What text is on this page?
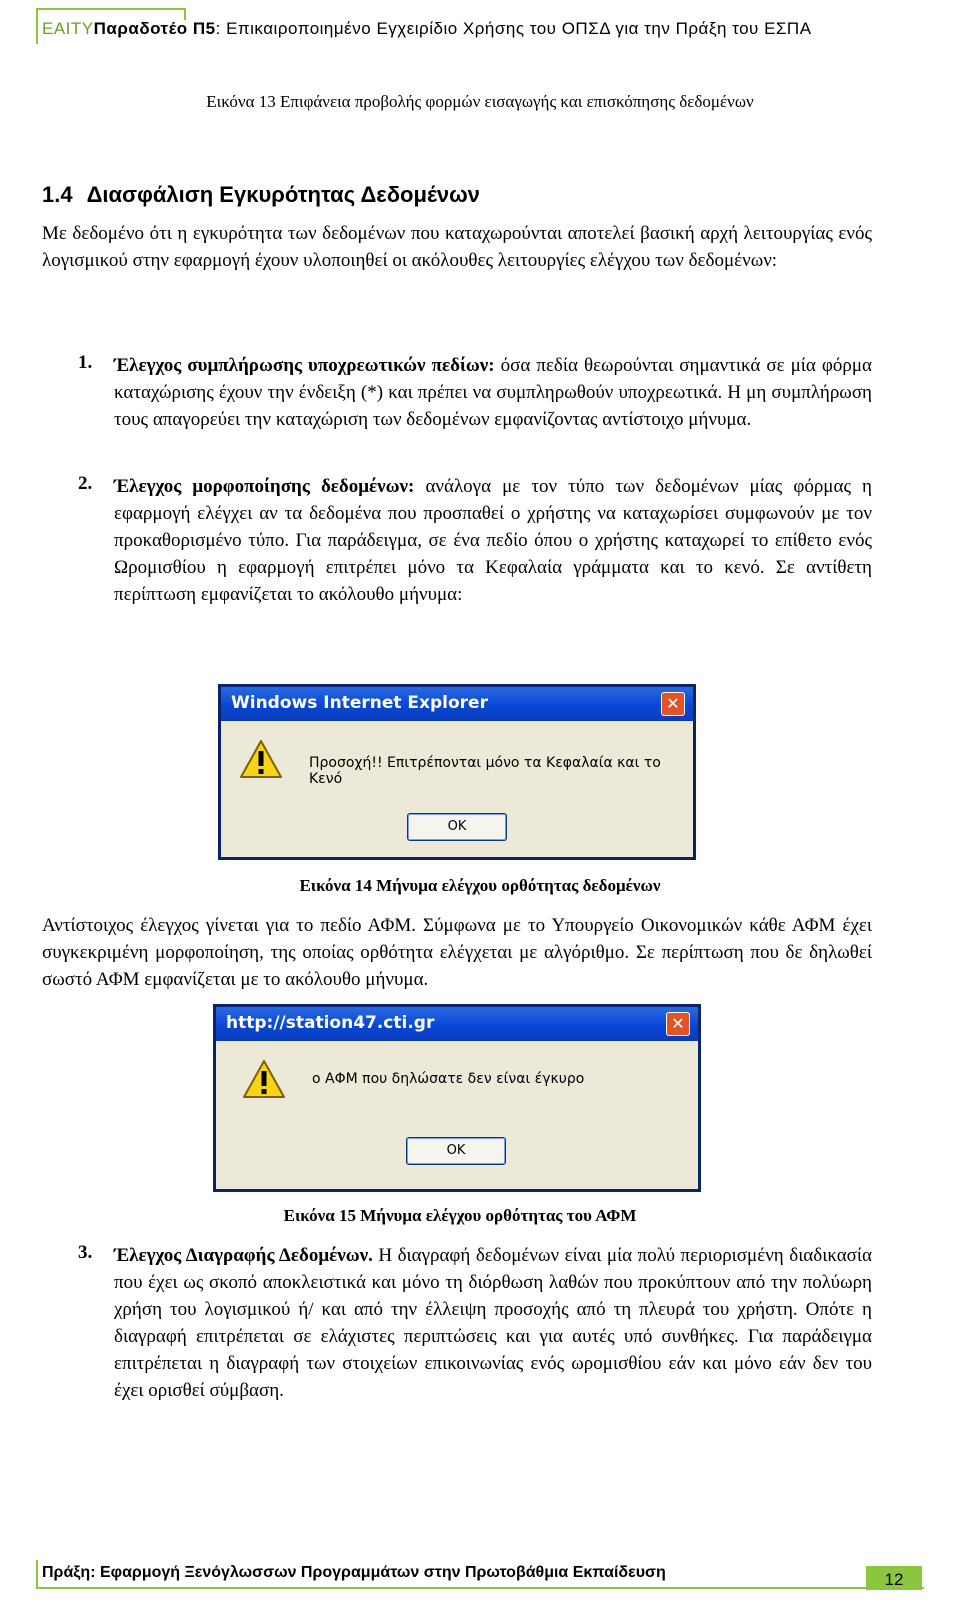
ΕΑΙΤΥΠαραδοτέο Π5: Επικαιροποιημένο Εγχειρίδιο Χρήσης του ΟΠΣΔ για την Πράξη του ΕΣΠΑ
Εικόνα 13 Επιφάνεια προβολής φορμών εισαγωγής και επισκόπησης δεδομένων
1.4 Διασφάλιση Εγκυρότητας Δεδομένων
Με δεδομένο ότι η εγκυρότητα των δεδομένων που καταχωρούνται αποτελεί βασική αρχή λειτουργίας ενός λογισμικού στην εφαρμογή έχουν υλοποιηθεί οι ακόλουθες λειτουργίες ελέγχου των δεδομένων:
1. Έλεγχος συμπλήρωσης υποχρεωτικών πεδίων: όσα πεδία θεωρούνται σημαντικά σε μία φόρμα καταχώρισης έχουν την ένδειξη (*) και πρέπει να συμπληρωθούν υποχρεωτικά. Η μη συμπλήρωση τους απαγορεύει την καταχώριση των δεδομένων εμφανίζοντας αντίστοιχο μήνυμα.
2. Έλεγχος μορφοποίησης δεδομένων: ανάλογα με τον τύπο των δεδομένων μίας φόρμας η εφαρμογή ελέγχει αν τα δεδομένα που προσπαθεί ο χρήστης να καταχωρίσει συμφωνούν με τον προκαθορισμένο τύπο. Για παράδειγμα, σε ένα πεδίο όπου ο χρήστης καταχωρεί το επίθετο ενός Ωρομισθίου η εφαρμογή επιτρέπει μόνο τα Κεφαλαία γράμματα και το κενό. Σε αντίθετη περίπτωση εμφανίζεται το ακόλουθο μήνυμα:
Windows Internet Explorer	✕
Προσοχή!! Επιτρέπονται μόνο τα Κεφαλαία και το Κενό
OK
Εικόνα 14 Μήνυμα ελέγχου ορθότητας δεδομένων
Αντίστοιχος έλεγχος γίνεται για το πεδίο ΑΦΜ. Σύμφωνα με το Υπουργείο Οικονομικών κάθε ΑΦΜ έχει συγκεκριμένη μορφοποίηση, της οποίας ορθότητα ελέγχεται με αλγόριθμο. Σε περίπτωση που δε δηλωθεί σωστό ΑΦΜ εμφανίζεται με το ακόλουθο μήνυμα.
http://station47.cti.gr	✕
ο ΑΦΜ που δηλώσατε δεν είναι έγκυρο
OK
Εικόνα 15 Μήνυμα ελέγχου ορθότητας του ΑΦΜ
3. Έλεγχος Διαγραφής Δεδομένων. Η διαγραφή δεδομένων είναι μία πολύ περιορισμένη διαδικασία που έχει ως σκοπό αποκλειστικά και μόνο τη διόρθωση λαθών που προκύπτουν από την πολύωρη χρήση του λογισμικού ή/ και από την έλλειψη προσοχής από τη πλευρά του χρήστη. Οπότε η διαγραφή επιτρέπεται σε ελάχιστες περιπτώσεις και για αυτές υπό συνθήκες. Για παράδειγμα επιτρέπεται η διαγραφή των στοιχείων επικοινωνίας ενός ωρομισθίου εάν και μόνο εάν δεν του έχει ορισθεί σύμβαση.
Πράξη: Εφαρμογή Ξενόγλωσσων Προγραμμάτων στην Πρωτοβάθμια Εκπαίδευση	12
